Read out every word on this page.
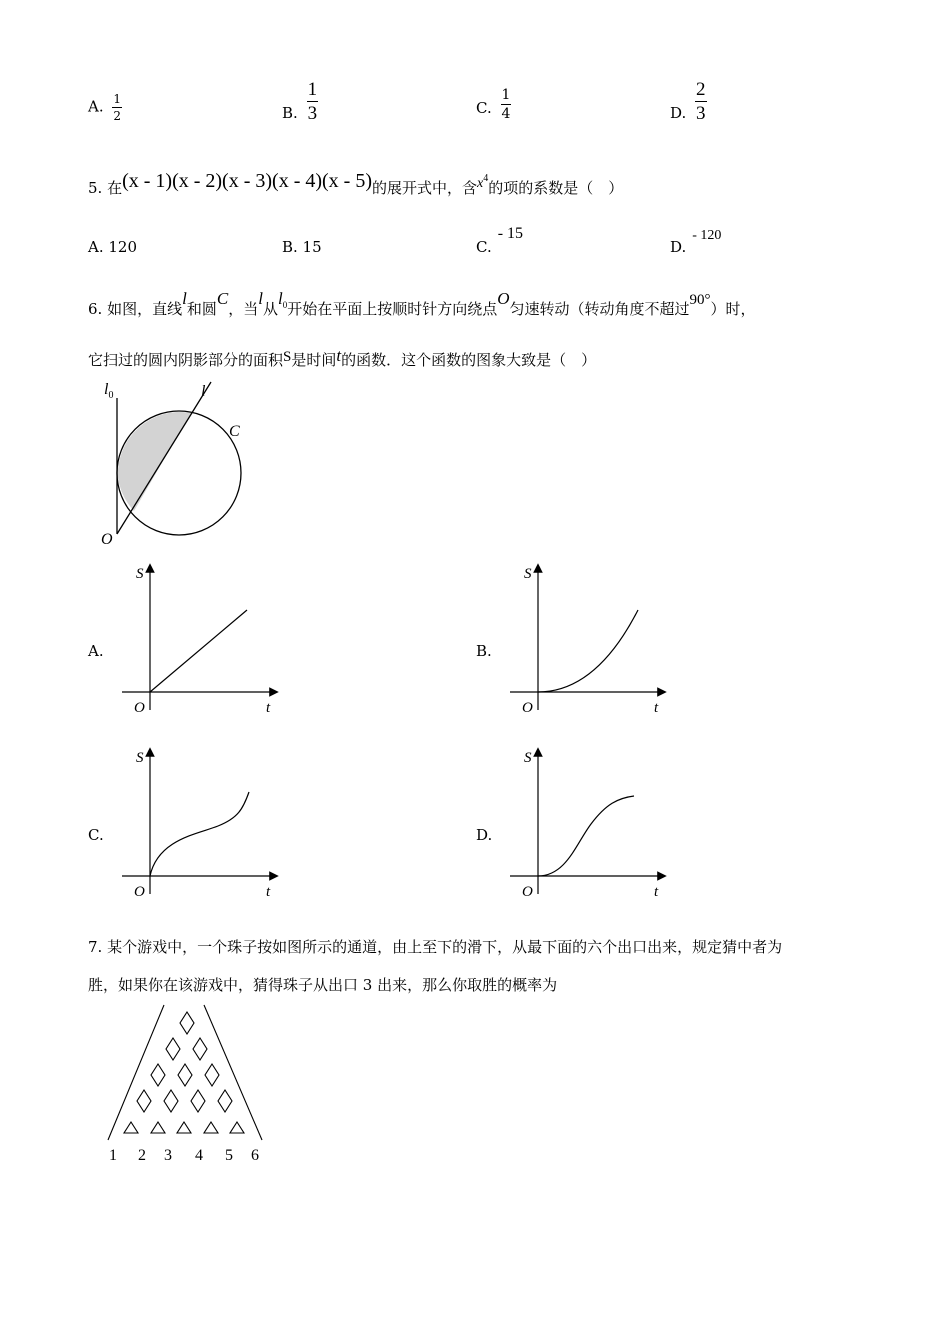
A. $\frac{1}{2}$	B. $\frac{1}{3}$	C. $\frac{1}{4}$	D. $\frac{2}{3}$
5. 在(x - 1)(x - 2)(x - 3)(x - 4)(x - 5)的展开式中，含$x^4$的项的系数是（　）
A. 120	B. 15	C.- 15
D.- 120
6. 如图，直线l和圆C，当l从$l_0$开始在平面上按顺时针方向绕点O匀速转动（转动角度不超过90°）时，
它扫过的圆内阴影部分的面积S是时间t的函数．这个函数的图象大致是（　）
$l_0$	l
C
O
A.	B.
C.	D.
S
t
O
S
t
O
S
t
O
S
t
O
7. 某个游戏中，一个珠子按如图所示的通道，由上至下的滑下，从最下面的六个出口出来，规定猜中者为
胜，如果你在该游戏中，猜得珠子从出口 3 出来，那么你取胜的概率为
1 2 3 4 5 6
